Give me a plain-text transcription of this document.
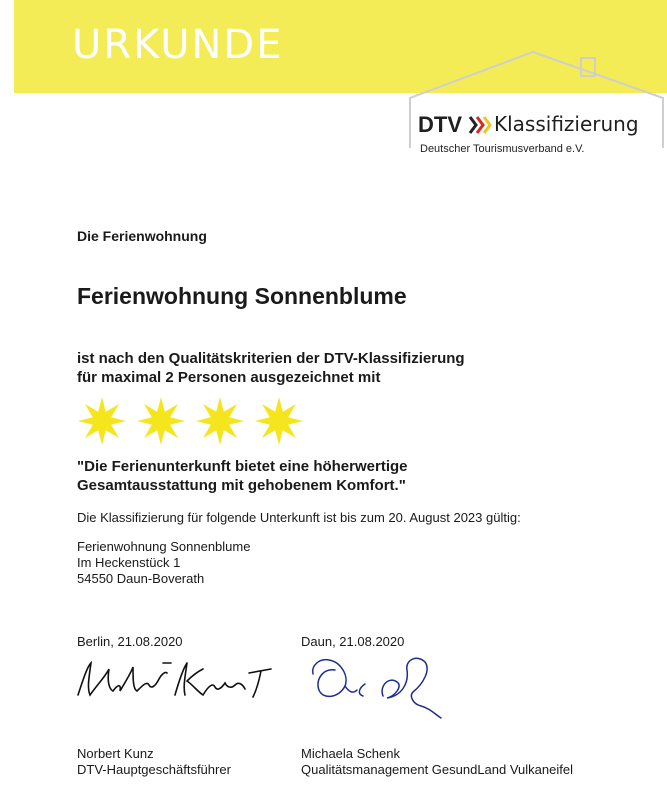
URKUNDE
DTV Klassifizierung
Deutscher Tourismusverband e.V.
Die Ferienwohnung
Ferienwohnung Sonnenblume
ist nach den Qualitätskriterien der DTV-Klassifizierung
für maximal 2 Personen ausgezeichnet mit
"Die Ferienunterkunft bietet eine höherwertige
Gesamtausstattung mit gehobenem Komfort."
Die Klassifizierung für folgende Unterkunft ist bis zum 20. August 2023 gültig:
Ferienwohnung Sonnenblume
Im Heckenstück 1
54550 Daun-Boverath
Berlin, 21.08.2020	Daun, 21.08.2020
Norbert Kunz
DTV-Hauptgeschäftsführer
Michaela Schenk
Qualitätsmanagement GesundLand Vulkaneifel
